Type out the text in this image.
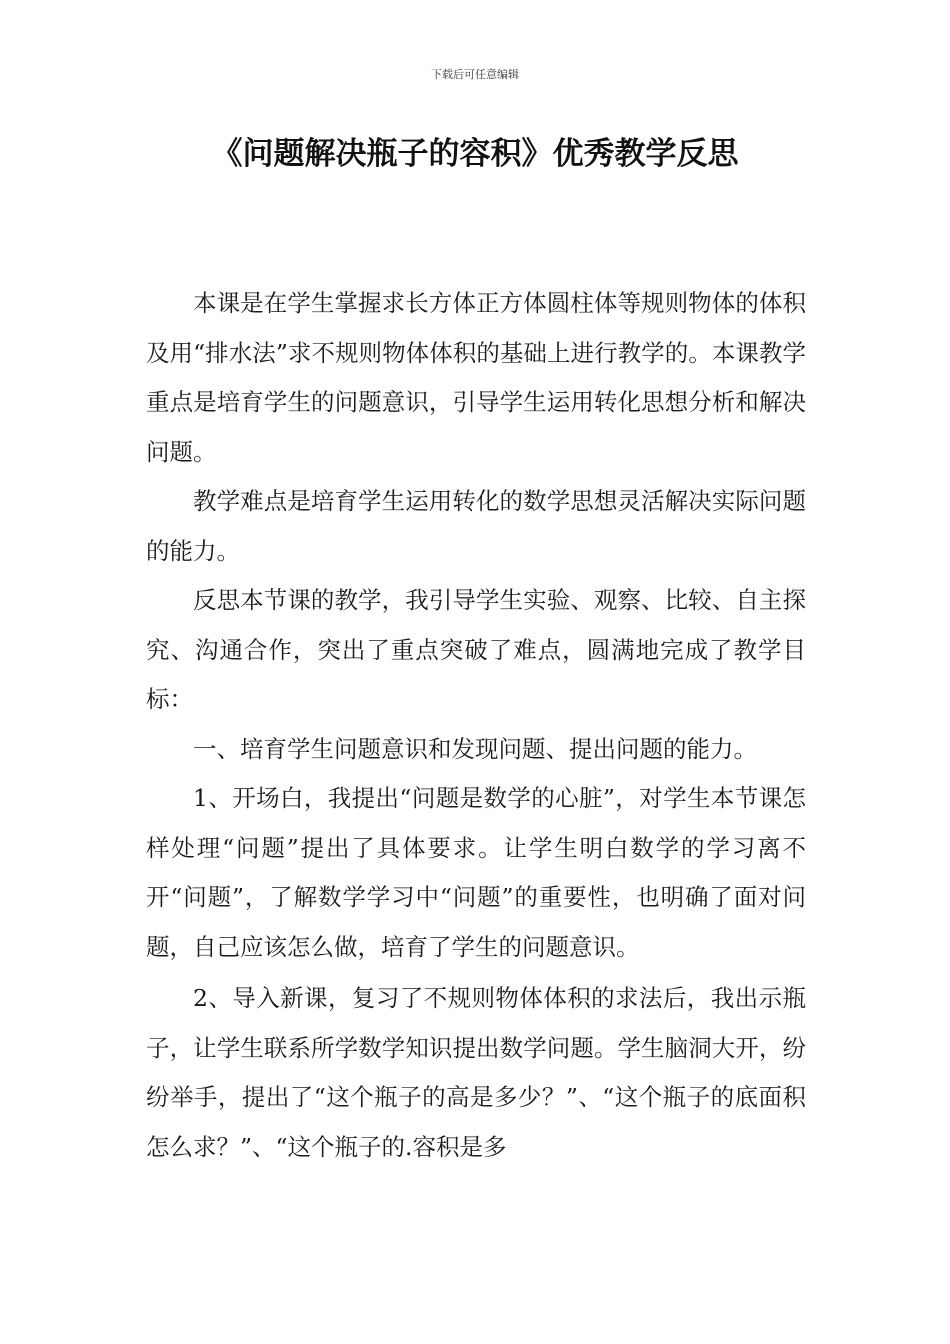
下载后可任意编辑
《问题解决瓶子的容积》优秀教学反思

本课是在学生掌握求长方体正方体圆柱体等规则物体的体积及用“排水法”求不规则物体体积的基础上进行教学的。本课教学重点是培育学生的问题意识，引导学生运用转化思想分析和解决问题。

教学难点是培育学生运用转化的数学思想灵活解决实际问题的能力。

反思本节课的教学，我引导学生实验、观察、比较、自主探究、沟通合作，突出了重点突破了难点，圆满地完成了教学目标：

一、培育学生问题意识和发现问题、提出问题的能力。

1、开场白，我提出“问题是数学的心脏”，对学生本节课怎样处理“问题”提出了具体要求。让学生明白数学的学习离不开“问题”，了解数学学习中“问题”的重要性，也明确了面对问题，自己应该怎么做，培育了学生的问题意识。

2、导入新课，复习了不规则物体体积的求法后，我出示瓶子，让学生联系所学数学知识提出数学问题。学生脑洞大开，纷纷举手，提出了“这个瓶子的高是多少？”、“这个瓶子的底面积怎么求？”、“这个瓶子的.容积是多
